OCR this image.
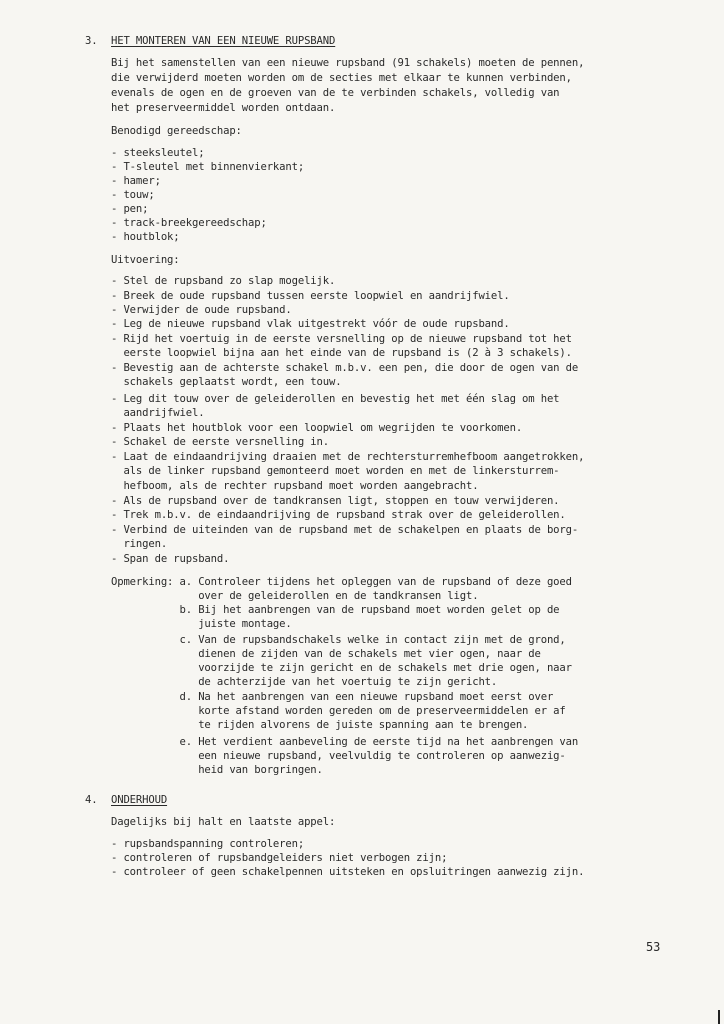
3. HET MONTEREN VAN EEN NIEUWE RUPSBAND
Bij het samenstellen van een nieuwe rupsband (91 schakels) moeten de pennen,
die verwijderd moeten worden om de secties met elkaar te kunnen verbinden,
evenals de ogen en de groeven van de te verbinden schakels, volledig van
het preserveermiddel worden ontdaan.
Benodigd gereedschap:
- steeksleutel;
- T-sleutel met binnenvierkant;
- hamer;
- touw;
- pen;
- track-breekgereedschap;
- houtblok;
Uitvoering:
- Stel de rupsband zo slap mogelijk.
- Breek de oude rupsband tussen eerste loopwiel en aandrijfwiel.
- Verwijder de oude rupsband.
- Leg de nieuwe rupsband vlak uitgestrekt vóór de oude rupsband.
- Rijd het voertuig in de eerste versnelling op de nieuwe rupsband tot het
eerste loopwiel bijna aan het einde van de rupsband is (2 à 3 schakels).
- Bevestig aan de achterste schakel m.b.v. een pen, die door de ogen van de
schakels geplaatst wordt, een touw.
- Leg dit touw over de geleiderollen en bevestig het met één slag om het
aandrijfwiel.
- Plaats het houtblok voor een loopwiel om wegrijden te voorkomen.
- Schakel de eerste versnelling in.
- Laat de eindaandrijving draaien met de rechtersturremhefboom aangetrokken,
als de linker rupsband gemonteerd moet worden en met de linkersturrem-
hefboom, als de rechter rupsband moet worden aangebracht.
- Als de rupsband over de tandkransen ligt, stoppen en touw verwijderen.
- Trek m.b.v. de eindaandrijving de rupsband strak over de geleiderollen.
- Verbind de uiteinden van de rupsband met de schakelpen en plaats de borg-
ringen.
- Span de rupsband.
Opmerking: a. Controleer tijdens het opleggen van de rupsband of deze goed
over de geleiderollen en de tandkransen ligt.
b. Bij het aanbrengen van de rupsband moet worden gelet op de
juiste montage.
c. Van de rupsbandschakels welke in contact zijn met de grond,
dienen de zijden van de schakels met vier ogen, naar de
voorzijde te zijn gericht en de schakels met drie ogen, naar
de achterzijde van het voertuig te zijn gericht.
d. Na het aanbrengen van een nieuwe rupsband moet eerst over
korte afstand worden gereden om de preserveermiddelen er af
te rijden alvorens de juiste spanning aan te brengen.
e. Het verdient aanbeveling de eerste tijd na het aanbrengen van
een nieuwe rupsband, veelvuldig te controleren op aanwezig-
heid van borgringen.
4. ONDERHOUD
Dagelijks bij halt en laatste appel:
- rupsbandspanning controleren;
- controleren of rupsbandgeleiders niet verbogen zijn;
- controleer of geen schakelpennen uitsteken en opsluitringen aanwezig zijn.
53
